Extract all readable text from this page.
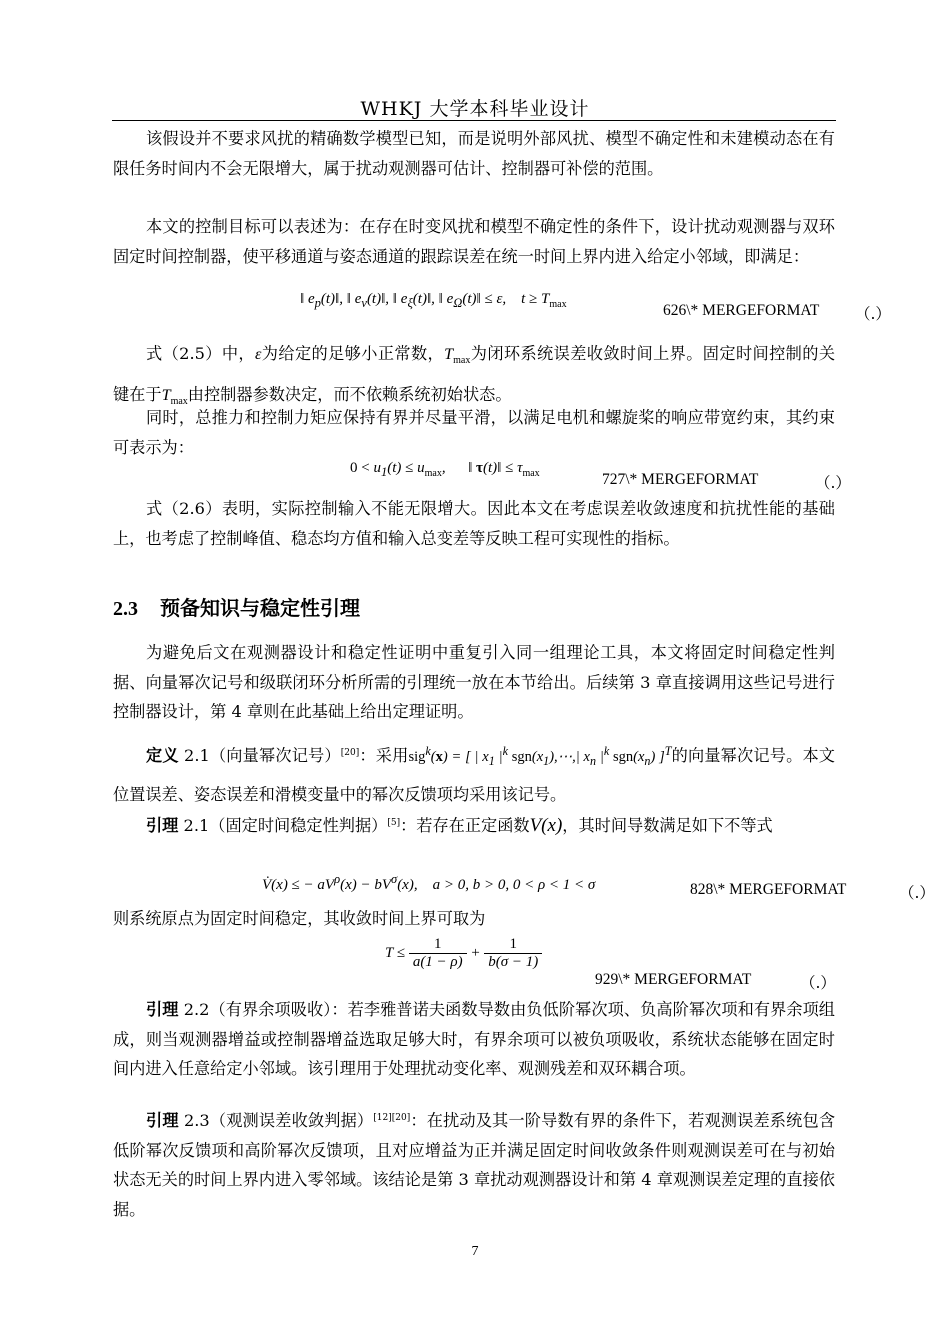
WHKJ 大学本科毕业设计
该假设并不要求风扰的精确数学模型已知，而是说明外部风扰、模型不确定性和未建模动态在有限任务时间内不会无限增大，属于扰动观测器可估计、控制器可补偿的范围。
本文的控制目标可以表述为：在存在时变风扰和模型不确定性的条件下，设计扰动观测器与双环固定时间控制器，使平移通道与姿态通道的跟踪误差在统一时间上界内进入给定小邻域，即满足：
‖ $e_p(t)‖$, ‖ $e_v(t)‖$, ‖ $e_\xi(t)‖$, ‖ $e_\Omega(t)‖ \le \varepsilon$,    $t \ge T_{max}$	626\* MERGEFORMAT （.）
式（2.5）中，ε为给定的足够小正常数，$T_{max}$为闭环系统误差收敛时间上界。固定时间控制的关键在于$T_{max}$由控制器参数决定，而不依赖系统初始状态。
同时，总推力和控制力矩应保持有界并尽量平滑，以满足电机和螺旋桨的响应带宽约束，其约束可表示为：
$0 < u_1(t) \le u_{max}$,      ‖ τ(t)‖ ≤ $\tau_{max}$	727\* MERGEFORMAT	（.）
式（2.6）表明，实际控制输入不能无限增大。因此本文在考虑误差收敛速度和抗扰性能的基础上，也考虑了控制峰值、稳态均方值和输入总变差等反映工程可实现性的指标。
2.3 预备知识与稳定性引理
为避免后文在观测器设计和稳定性证明中重复引入同一组理论工具，本文将固定时间稳定性判据、向量幂次记号和级联闭环分析所需的引理统一放在本节给出。后续第 3 章直接调用这些记号进行控制器设计，第 4 章则在此基础上给出定理证明。
定义 2.1（向量幂次记号）[20]：采用sig$^k$(x) = [ | $x_1$ $|^k$ $sgn(x_1),\cdots,|$ $x_n$ $|^k$ $sgn(x_n)$ ]$^T$的向量幂次记号。本文位置误差、姿态误差和滑模变量中的幂次反馈项均采用该记号。
引理 2.1（固定时间稳定性判据）[5]：若存在正定函数V(x)，其时间导数满足如下不等式
V̇(x) ≤ − $aV^\rho(x) - bV^\sigma(x)$,    a > 0, b > 0, 0 < ρ < 1 < σ	828\* MERGEFORMAT	（.）
则系统原点为固定时间稳定，其收敛时间上界可取为
$T \le \frac{1}{a(1 - \rho)} + \frac{1}{b(\sigma - 1)}$
929\* MERGEFORMAT	（.）
引理 2.2（有界余项吸收）：若李雅普诺夫函数导数由负低阶幂次项、负高阶幂次项和有界余项组成，则当观测器增益或控制器增益选取足够大时，有界余项可以被负项吸收，系统状态能够在固定时间内进入任意给定小邻域。该引理用于处理扰动变化率、观测残差和双环耦合项。
引理 2.3（观测误差收敛判据）[12][20]：在扰动及其一阶导数有界的条件下，若观测误差系统包含低阶幂次反馈项和高阶幂次反馈项，且对应增益为正并满足固定时间收敛条件则观测误差可在与初始状态无关的时间上界内进入零邻域。该结论是第 3 章扰动观测器设计和第 4 章观测误差定理的直接依据。
7
